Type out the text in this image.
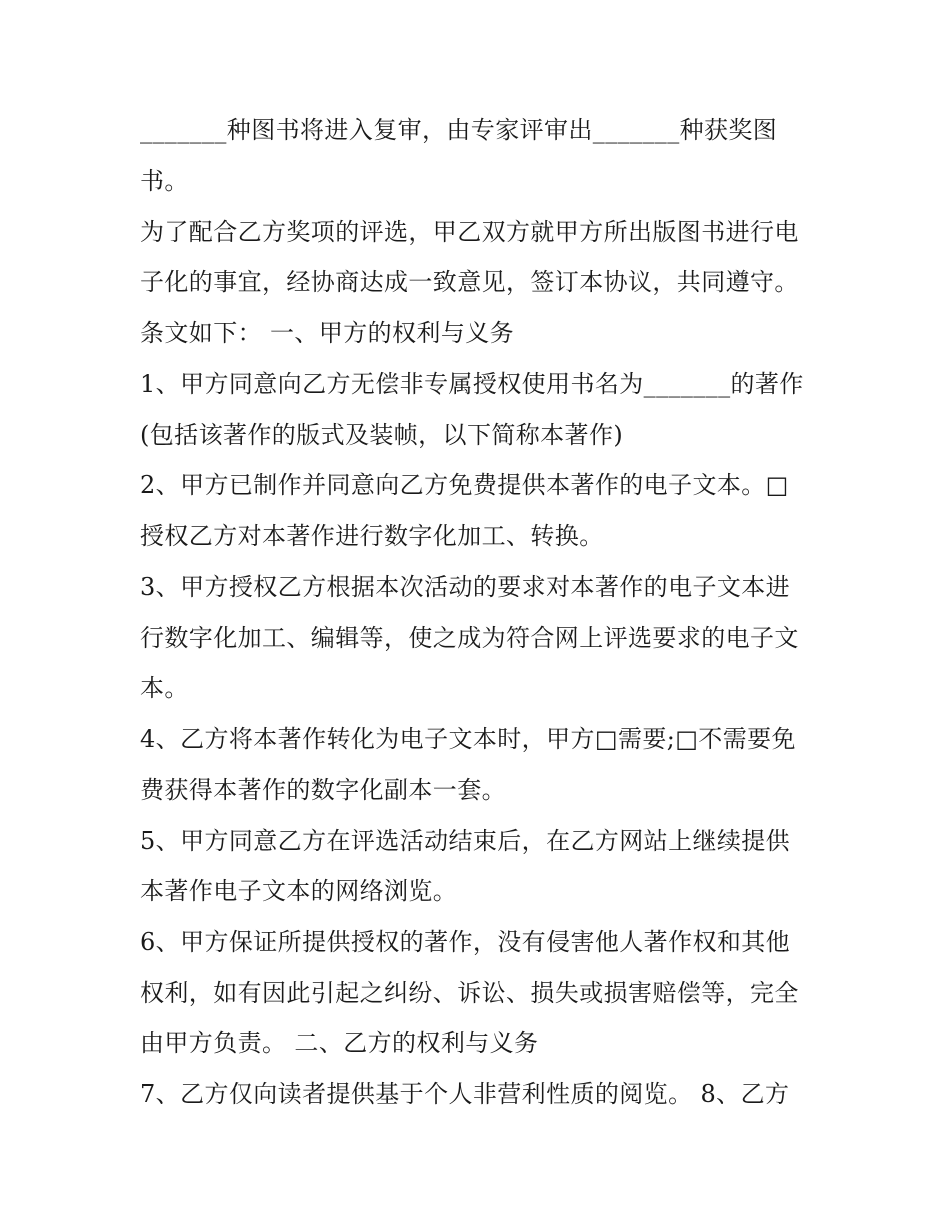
_______种图书将进入复审，由专家评审出_______种获奖图
书。
为了配合乙方奖项的评选，甲乙双方就甲方所出版图书进行电
子化的事宜，经协商达成一致意见，签订本协议，共同遵守。
条文如下： 一、甲方的权利与义务
1、甲方同意向乙方无偿非专属授权使用书名为_______的著作
(包括该著作的版式及装帧，以下简称本著作)
2、甲方已制作并同意向乙方免费提供本著作的电子文本。□
授权乙方对本著作进行数字化加工、转换。
3、甲方授权乙方根据本次活动的要求对本著作的电子文本进
行数字化加工、编辑等，使之成为符合网上评选要求的电子文
本。
4、乙方将本著作转化为电子文本时，甲方□需要;□不需要免
费获得本著作的数字化副本一套。
5、甲方同意乙方在评选活动结束后，在乙方网站上继续提供
本著作电子文本的网络浏览。
6、甲方保证所提供授权的著作，没有侵害他人著作权和其他
权利，如有因此引起之纠纷、诉讼、损失或损害赔偿等，完全
由甲方负责。 二、乙方的权利与义务
7、乙方仅向读者提供基于个人非营利性质的阅览。 8、乙方
